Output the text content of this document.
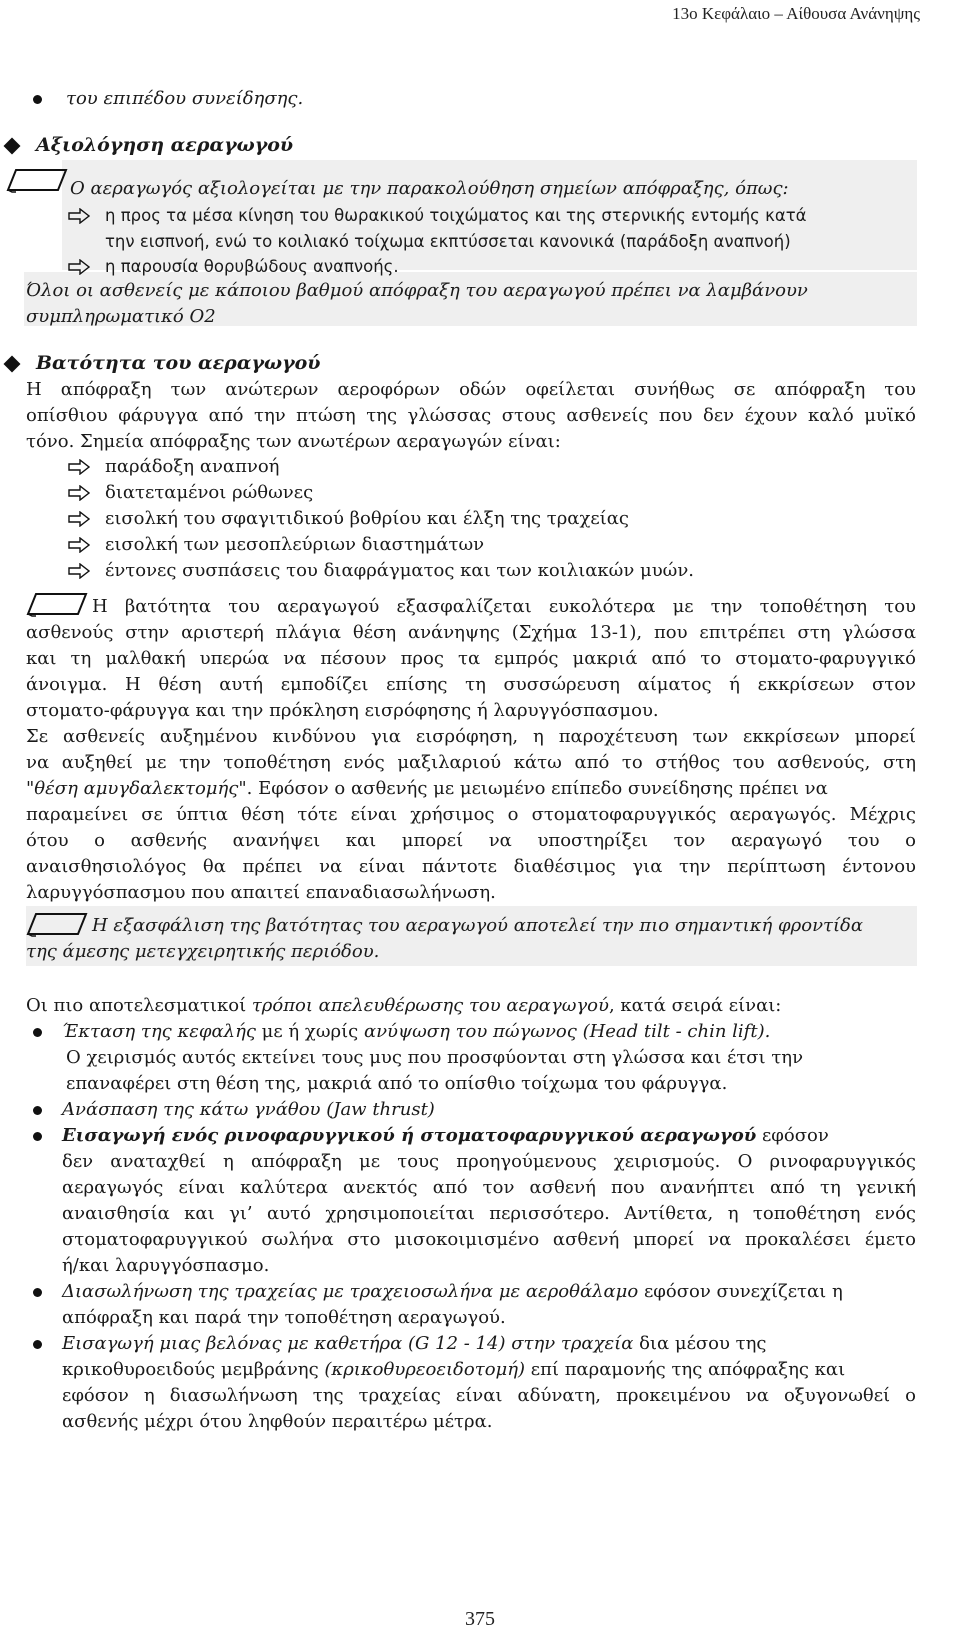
13ο Κεφάλαιο – Αίθουσα Ανάνηψης
του επιπέδου συνείδησης.
Αξιολόγηση αεραγωγού
Ο αεραγωγός αξιολογείται με την παρακολούθηση σημείων απόφραξης, όπως:
η προς τα μέσα κίνηση του θωρακικού τοιχώματος και της στερνικής εντομής κατά
την εισπνοή, ενώ το κοιλιακό τοίχωμα εκπτύσσεται κανονικά (παράδοξη αναπνοή)
η παρουσία θορυβώδους αναπνοής.
Όλοι οι ασθενείς με κάποιου βαθμού απόφραξη του αεραγωγού πρέπει να λαμβάνουν
συμπληρωματικό Ο2
Βατότητα του αεραγωγού
Η απόφραξη των ανώτερων αεροφόρων οδών οφείλεται συνήθως σε απόφραξη του
οπίσθιου φάρυγγα από την πτώση της γλώσσας στους ασθενείς που δεν έχουν καλό μυϊκό
τόνο. Σημεία απόφραξης των ανωτέρων αεραγωγών είναι:
παράδοξη αναπνοή
διατεταμένοι ρώθωνες
εισολκή του σφαγιτιδικού βοθρίου και έλξη της τραχείας
εισολκή των μεσοπλεύριων διαστημάτων
έντονες συσπάσεις του διαφράγματος και των κοιλιακών μυών.
Η βατότητα του αεραγωγού εξασφαλίζεται ευκολότερα με την τοποθέτηση του
ασθενούς στην αριστερή πλάγια θέση ανάνηψης (Σχήμα 13-1), που επιτρέπει στη γλώσσα
και τη μαλθακή υπερώα να πέσουν προς τα εμπρός μακριά από το στοματο-φαρυγγικό
άνοιγμα. Η θέση αυτή εμποδίζει επίσης τη συσσώρευση αίματος ή εκκρίσεων στον
στοματο-φάρυγγα και την πρόκληση εισρόφησης ή λαρυγγόσπασμου.
Σε ασθενείς αυξημένου κινδύνου για εισρόφηση, η παροχέτευση των εκκρίσεων μπορεί
να αυξηθεί με την τοποθέτηση ενός μαξιλαριού κάτω από το στήθος του ασθενούς, στη
"θέση αμυγδαλεκτομής". Εφόσον ο ασθενής με μειωμένο επίπεδο συνείδησης πρέπει να
παραμείνει σε ύπτια θέση τότε είναι χρήσιμος ο στοματοφαρυγγικός αεραγωγός. Μέχρις
ότου ο ασθενής ανανήψει και μπορεί να υποστηρίξει τον αεραγωγό του ο
αναισθησιολόγος θα πρέπει να είναι πάντοτε διαθέσιμος για την περίπτωση έντονου
λαρυγγόσπασμου που απαιτεί επαναδιασωλήνωση.
Η εξασφάλιση της βατότητας του αεραγωγού αποτελεί την πιο σημαντική φροντίδα
της άμεσης μετεγχειρητικής περιόδου.
Οι πιο αποτελεσματικοί τρόποι απελευθέρωσης του αεραγωγού, κατά σειρά είναι:
Έκταση της κεφαλής με ή χωρίς ανύψωση του πώγωνος (Head tilt - chin lift).
Ο χειρισμός αυτός εκτείνει τους μυς που προσφύονται στη γλώσσα και έτσι την
επαναφέρει στη θέση της, μακριά από το οπίσθιο τοίχωμα του φάρυγγα.
Ανάσπαση της κάτω γνάθου (Jaw thrust)
Εισαγωγή ενός ρινοφαρυγγικού ή στοματοφαρυγγικού αεραγωγού εφόσον
δεν αναταχθεί η απόφραξη με τους προηγούμενους χειρισμούς. Ο ρινοφαρυγγικός
αεραγωγός είναι καλύτερα ανεκτός από τον ασθενή που ανανήπτει από τη γενική
αναισθησία και γι’ αυτό χρησιμοποιείται περισσότερο. Αντίθετα, η τοποθέτηση ενός
στοματοφαρυγγικού σωλήνα στο μισοκοιμισμένο ασθενή μπορεί να προκαλέσει έμετο
ή/και λαρυγγόσπασμο.
Διασωλήνωση της τραχείας με τραχειοσωλήνα με αεροθάλαμο εφόσον συνεχίζεται η
απόφραξη και παρά την τοποθέτηση αεραγωγού.
Εισαγωγή μιας βελόνας με καθετήρα (G 12 - 14) στην τραχεία δια μέσου της
κρικοθυροειδούς μεμβράνης (κρικοθυρεοειδοτομή) επί παραμονής της απόφραξης και
εφόσον η διασωλήνωση της τραχείας είναι αδύνατη, προκειμένου να οξυγονωθεί ο
ασθενής μέχρι ότου ληφθούν περαιτέρω μέτρα.
375
